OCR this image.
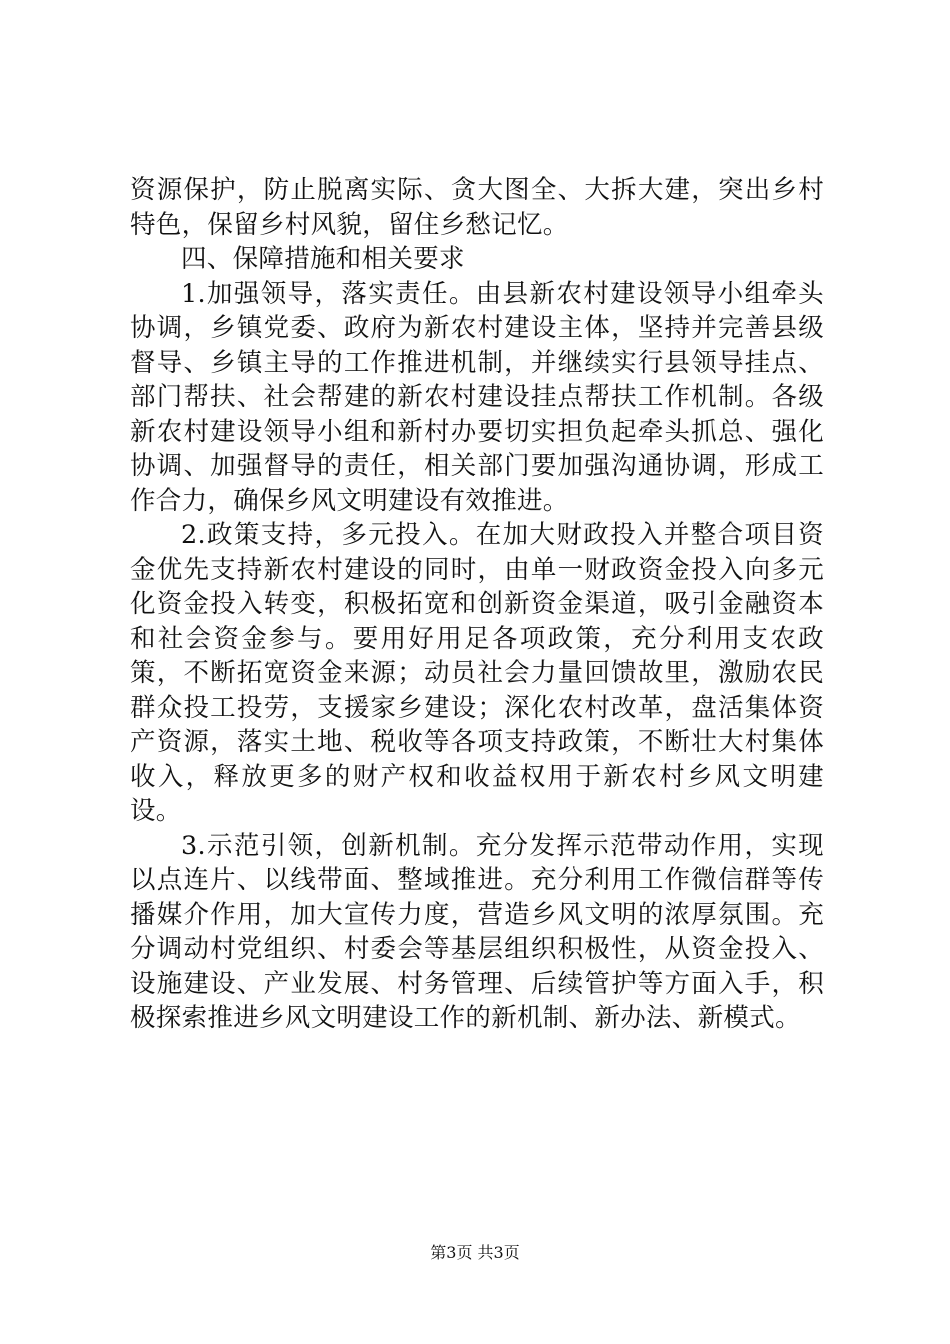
资源保护，防止脱离实际、贪大图全、大拆大建，突出乡村特色，保留乡村风貌，留住乡愁记忆。

四、保障措施和相关要求

1.加强领导，落实责任。由县新农村建设领导小组牵头协调，乡镇党委、政府为新农村建设主体，坚持并完善县级督导、乡镇主导的工作推进机制，并继续实行县领导挂点、部门帮扶、社会帮建的新农村建设挂点帮扶工作机制。各级新农村建设领导小组和新村办要切实担负起牵头抓总、强化协调、加强督导的责任，相关部门要加强沟通协调，形成工作合力，确保乡风文明建设有效推进。

2.政策支持，多元投入。在加大财政投入并整合项目资金优先支持新农村建设的同时，由单一财政资金投入向多元化资金投入转变，积极拓宽和创新资金渠道，吸引金融资本和社会资金参与。要用好用足各项政策，充分利用支农政策，不断拓宽资金来源；动员社会力量回馈故里，激励农民群众投工投劳，支援家乡建设；深化农村改革，盘活集体资产资源，落实土地、税收等各项支持政策，不断壮大村集体收入，释放更多的财产权和收益权用于新农村乡风文明建设。

3.示范引领，创新机制。充分发挥示范带动作用，实现以点连片、以线带面、整域推进。充分利用工作微信群等传播媒介作用，加大宣传力度，营造乡风文明的浓厚氛围。充分调动村党组织、村委会等基层组织积极性，从资金投入、设施建设、产业发展、村务管理、后续管护等方面入手，积极探索推进乡风文明建设工作的新机制、新办法、新模式。

第3页 共3页
